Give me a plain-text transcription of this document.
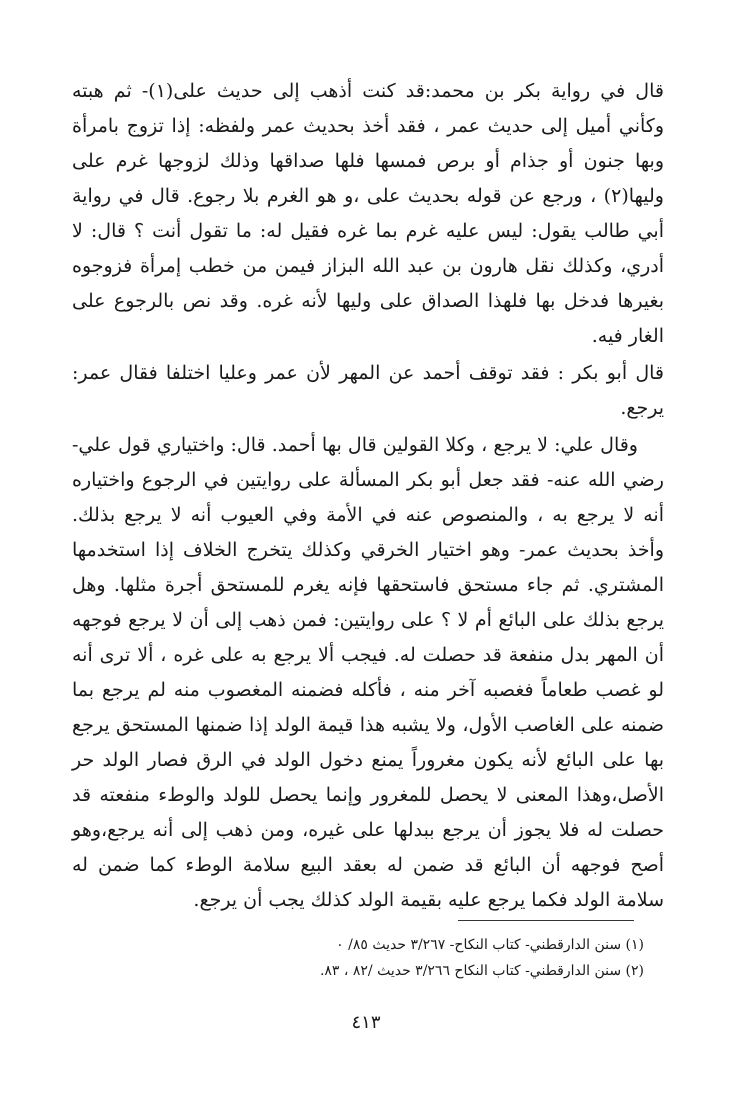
قال في رواية بكر بن محمد:قد كنت أذهب إلى حديث على(١)- ثم هبته وكأني أميل إلى حديث عمر ، فقد أخذ بحديث عمر ولفظه: إذا تزوج بامرأة وبها جنون أو جذام أو برص فمسها فلها صداقها وذلك لزوجها غرم على وليها(٢) ، ورجع عن قوله بحديث على ،و هو الغرم بلا رجوع. قال في رواية أبي طالب يقول: ليس عليه غرم بما غره فقيل له: ما تقول أنت ؟ قال: لا أدري، وكذلك نقل هارون بن عبد الله البزاز فيمن من خطب إمرأة فزوجوه بغيرها فدخل بها فلهذا الصداق على وليها لأنه غره. وقد نص بالرجوع على الغار فيه.

قال أبو بكر : فقد توقف أحمد عن المهر لأن عمر وعليا اختلفا فقال عمر: يرجع.

وقال علي: لا يرجع ، وكلا القولين قال بها أحمد. قال: واختياري قول علي- رضي الله عنه- فقد جعل أبو بكر المسألة على روايتين في الرجوع واختياره أنه لا يرجع به ، والمنصوص عنه في الأمة وفي العيوب أنه لا يرجع بذلك. وأخذ بحديث عمر- وهو اختيار الخرقي وكذلك يتخرج الخلاف إذا استخدمها المشتري. ثم جاء مستحق فاستحقها فإنه يغرم للمستحق أجرة مثلها. وهل يرجع بذلك على البائع أم لا ؟ على روايتين: فمن ذهب إلى أن لا يرجع فوجهه أن المهر بدل منفعة قد حصلت له. فيجب ألا يرجع به على غره ، ألا ترى أنه لو غصب طعاماً فغصبه آخر منه ، فأكله فضمنه المغصوب منه لم يرجع بما ضمنه على الغاصب الأول، ولا يشبه هذا قيمة الولد إذا ضمنها المستحق يرجع بها على البائع لأنه يكون مغروراً يمنع دخول الولد في الرق فصار الولد حر الأصل،وهذا المعنى لا يحصل للمغرور وإنما يحصل للولد والوطء منفعته قد حصلت له فلا يجوز أن يرجع ببدلها على غيره، ومن ذهب إلى أنه يرجع،وهو أصح فوجهه أن البائع قد ضمن له بعقد البيع سلامة الوطء كما ضمن له سلامة الولد فكما يرجع عليه بقيمة الولد كذلك يجب أن يرجع.

(١) سنن الدارقطني- كتاب النكاح- ٣/٢٦٧ حديث ٨٥/ ٠

(٢) سنن الدارقطني- كتاب النكاح ٣/٢٦٦ حديث /٨٢ ، ٨٣.

٤١٣
